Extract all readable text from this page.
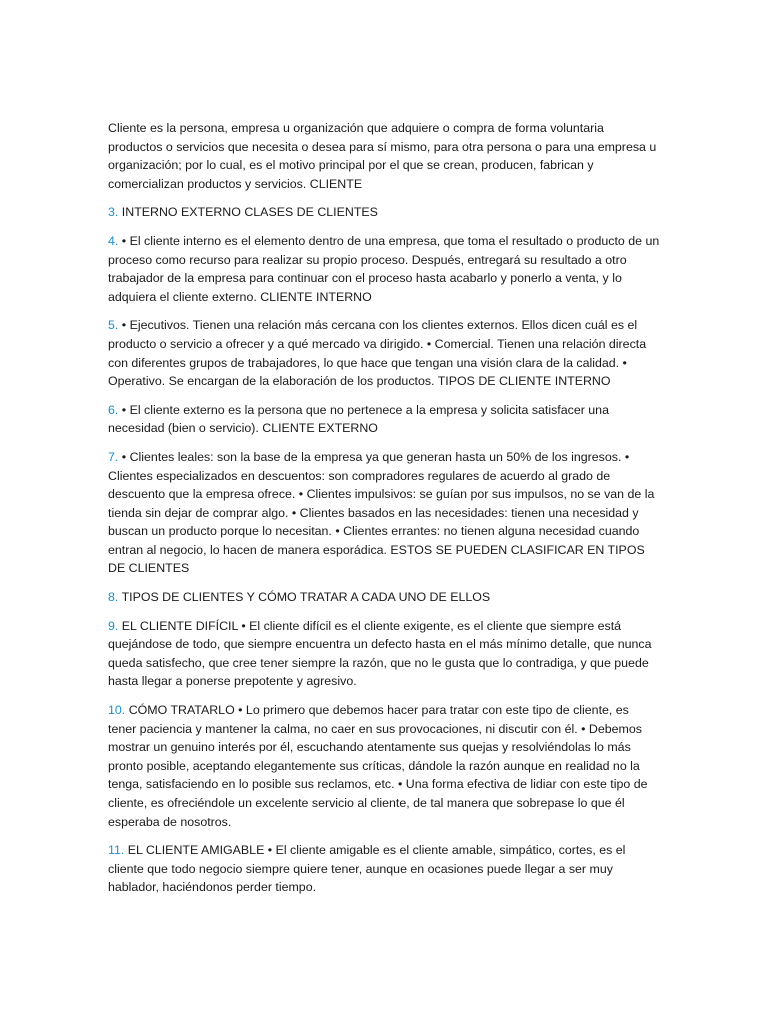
Cliente es la persona, empresa u organización que adquiere o compra de forma voluntaria productos o servicios que necesita o desea para sí mismo, para otra persona o para una empresa u organización; por lo cual, es el motivo principal por el que se crean, producen, fabrican y comercializan productos y servicios. CLIENTE

3. INTERNO EXTERNO CLASES DE CLIENTES

4. • El cliente interno es el elemento dentro de una empresa, que toma el resultado o producto de un proceso como recurso para realizar su propio proceso. Después, entregará su resultado a otro trabajador de la empresa para continuar con el proceso hasta acabarlo y ponerlo a venta, y lo adquiera el cliente externo. CLIENTE INTERNO

5. • Ejecutivos. Tienen una relación más cercana con los clientes externos. Ellos dicen cuál es el producto o servicio a ofrecer y a qué mercado va dirigido. • Comercial. Tienen una relación directa con diferentes grupos de trabajadores, lo que hace que tengan una visión clara de la calidad. • Operativo. Se encargan de la elaboración de los productos. TIPOS DE CLIENTE INTERNO

6. • El cliente externo es la persona que no pertenece a la empresa y solicita satisfacer una necesidad (bien o servicio). CLIENTE EXTERNO

7. • Clientes leales: son la base de la empresa ya que generan hasta un 50% de los ingresos. • Clientes especializados en descuentos: son compradores regulares de acuerdo al grado de descuento que la empresa ofrece. • Clientes impulsivos: se guían por sus impulsos, no se van de la tienda sin dejar de comprar algo. • Clientes basados en las necesidades: tienen una necesidad y buscan un producto porque lo necesitan. • Clientes errantes: no tienen alguna necesidad cuando entran al negocio, lo hacen de manera esporádica. ESTOS SE PUEDEN CLASIFICAR EN TIPOS DE CLIENTES

8. TIPOS DE CLIENTES Y CÓMO TRATAR A CADA UNO DE ELLOS

9. EL CLIENTE DIFÍCIL • El cliente difícil es el cliente exigente, es el cliente que siempre está quejándose de todo, que siempre encuentra un defecto hasta en el más mínimo detalle, que nunca queda satisfecho, que cree tener siempre la razón, que no le gusta que lo contradiga, y que puede hasta llegar a ponerse prepotente y agresivo.

10. CÓMO TRATARLO • Lo primero que debemos hacer para tratar con este tipo de cliente, es tener paciencia y mantener la calma, no caer en sus provocaciones, ni discutir con él. • Debemos mostrar un genuino interés por él, escuchando atentamente sus quejas y resolviéndolas lo más pronto posible, aceptando elegantemente sus críticas, dándole la razón aunque en realidad no la tenga, satisfaciendo en lo posible sus reclamos, etc. • Una forma efectiva de lidiar con este tipo de cliente, es ofreciéndole un excelente servicio al cliente, de tal manera que sobrepase lo que él esperaba de nosotros.

11. EL CLIENTE AMIGABLE • El cliente amigable es el cliente amable, simpático, cortes, es el cliente que todo negocio siempre quiere tener, aunque en ocasiones puede llegar a ser muy hablador, haciéndonos perder tiempo.
